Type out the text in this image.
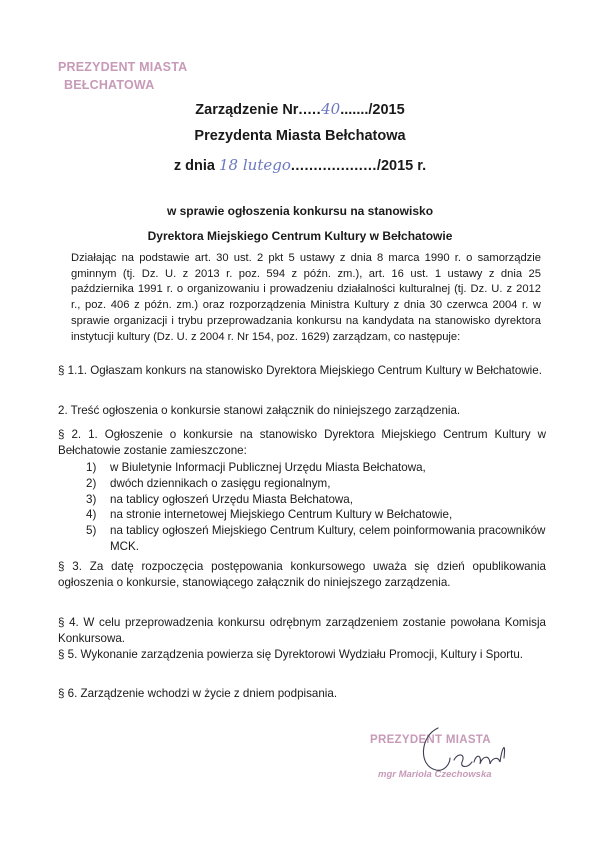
PREZYDENT MIASTA
BEŁCHATOWA
Zarządzenie Nr.....40......./2015
Prezydenta Miasta Bełchatowa
z dnia 18 lutego.................../2015 r.
w sprawie ogłoszenia konkursu na stanowisko
Dyrektora Miejskiego Centrum Kultury w Bełchatowie
Działając na podstawie art. 30 ust. 2 pkt 5 ustawy z dnia 8 marca 1990 r. o samorządzie gminnym (tj. Dz. U. z 2013 r. poz. 594 z późn. zm.), art. 16 ust. 1 ustawy z dnia 25 października 1991 r. o organizowaniu i prowadzeniu działalności kulturalnej (tj. Dz. U. z 2012 r., poz. 406 z późn. zm.) oraz rozporządzenia Ministra Kultury z dnia 30 czerwca 2004 r. w sprawie organizacji i trybu przeprowadzania konkursu na kandydata na stanowisko dyrektora instytucji kultury (Dz. U. z 2004 r. Nr 154, poz. 1629) zarządzam, co następuje:
§ 1.1. Ogłaszam konkurs na stanowisko Dyrektora Miejskiego Centrum Kultury w Bełchatowie.
2. Treść ogłoszenia o konkursie stanowi załącznik do niniejszego zarządzenia.
§ 2. 1. Ogłoszenie o konkursie na stanowisko Dyrektora Miejskiego Centrum Kultury w Bełchatowie zostanie zamieszczone:
1)	w Biuletynie Informacji Publicznej Urzędu Miasta Bełchatowa,
2)	dwóch dziennikach o zasięgu regionalnym,
3)	na tablicy ogłoszeń Urzędu Miasta Bełchatowa,
4)	na stronie internetowej Miejskiego Centrum Kultury w Bełchatowie,
5)	na tablicy ogłoszeń Miejskiego Centrum Kultury, celem poinformowania pracowników MCK.
§ 3. Za datę rozpoczęcia postępowania konkursowego uważa się dzień opublikowania ogłoszenia o konkursie, stanowiącego załącznik do niniejszego zarządzenia.
§ 4. W celu przeprowadzenia konkursu odrębnym zarządzeniem zostanie powołana Komisja Konkursowa.
§ 5. Wykonanie zarządzenia powierza się Dyrektorowi Wydziału Promocji, Kultury i Sportu.
§ 6. Zarządzenie wchodzi w życie z dniem podpisania.
PREZYDENT MIASTA
mgr Mariola Czechowska
